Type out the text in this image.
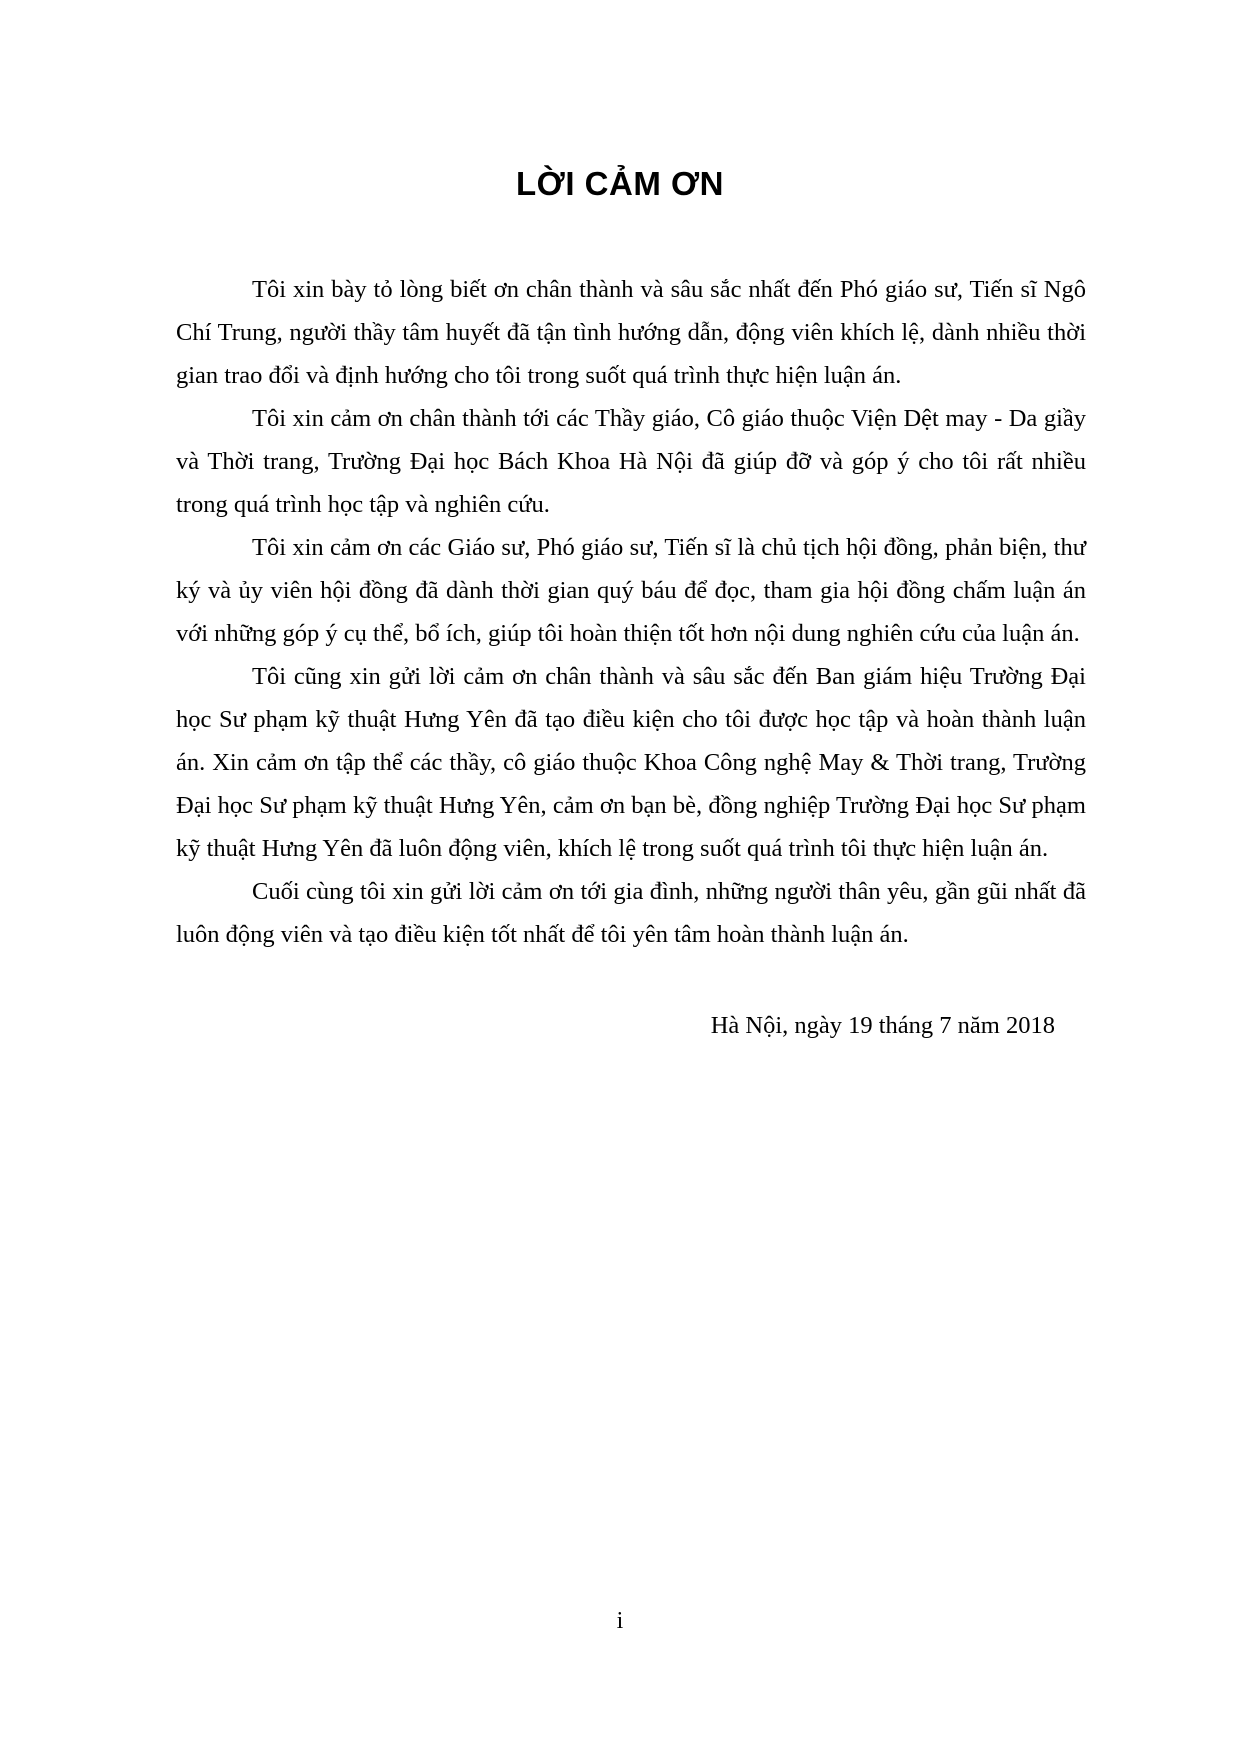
LỜI CẢM ƠN

Tôi xin bày tỏ lòng biết ơn chân thành và sâu sắc nhất đến Phó giáo sư, Tiến sĩ Ngô Chí Trung, người thầy tâm huyết đã tận tình hướng dẫn, động viên khích lệ, dành nhiều thời gian trao đổi và định hướng cho tôi trong suốt quá trình thực hiện luận án.

Tôi xin cảm ơn chân thành tới các Thầy giáo, Cô giáo thuộc Viện Dệt may - Da giầy và Thời trang, Trường Đại học Bách Khoa Hà Nội đã giúp đỡ và góp ý cho tôi rất nhiều trong quá trình học tập và nghiên cứu.

Tôi xin cảm ơn các Giáo sư, Phó giáo sư, Tiến sĩ là chủ tịch hội đồng, phản biện, thư ký và ủy viên hội đồng đã dành thời gian quý báu để đọc, tham gia hội đồng chấm luận án với những góp ý cụ thể, bổ ích, giúp tôi hoàn thiện tốt hơn nội dung nghiên cứu của luận án.

Tôi cũng xin gửi lời cảm ơn chân thành và sâu sắc đến Ban giám hiệu Trường Đại học Sư phạm kỹ thuật Hưng Yên đã tạo điều kiện cho tôi được học tập và hoàn thành luận án. Xin cảm ơn tập thể các thầy, cô giáo thuộc Khoa Công nghệ May & Thời trang, Trường Đại học Sư phạm kỹ thuật Hưng Yên, cảm ơn bạn bè, đồng nghiệp Trường Đại học Sư phạm kỹ thuật Hưng Yên đã luôn động viên, khích lệ trong suốt quá trình tôi thực hiện luận án.

Cuối cùng tôi xin gửi lời cảm ơn tới gia đình, những người thân yêu, gần gũi nhất đã luôn động viên và tạo điều kiện tốt nhất để tôi yên tâm hoàn thành luận án.

Hà Nội, ngày 19 tháng 7 năm 2018
i
